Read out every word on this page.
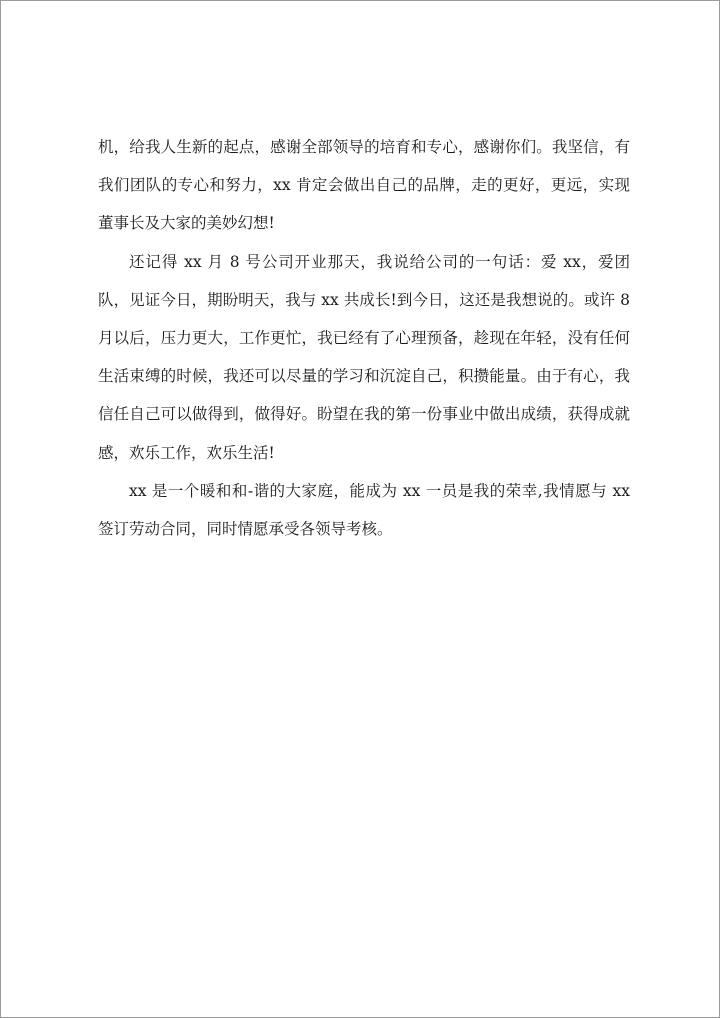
机，给我人生新的起点，感谢全部领导的培育和专心，感谢你们。我坚信，有我们团队的专心和努力，xx 肯定会做出自己的品牌，走的更好，更远，实现董事长及大家的美妙幻想!

还记得 xx 月 8 号公司开业那天，我说给公司的一句话：爱 xx，爱团队，见证今日，期盼明天，我与 xx 共成长!到今日，这还是我想说的。或许 8 月以后，压力更大，工作更忙，我已经有了心理预备，趁现在年轻，没有任何生活束缚的时候，我还可以尽量的学习和沉淀自己，积攒能量。由于有心，我信任自己可以做得到，做得好。盼望在我的第一份事业中做出成绩，获得成就感，欢乐工作，欢乐生活!

xx 是一个暖和和-谐的大家庭，能成为 xx 一员是我的荣幸,我情愿与 xx 签订劳动合同，同时情愿承受各领导考核。
